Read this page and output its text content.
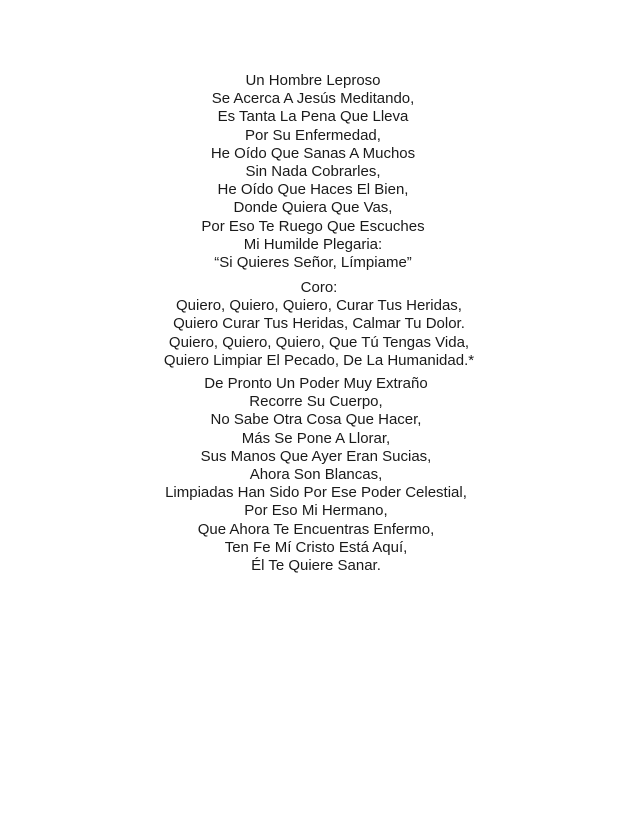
Un Hombre Leproso
Se Acerca A Jesús Meditando,
Es Tanta La Pena Que Lleva
Por Su Enfermedad,
He Oído Que Sanas A Muchos
Sin Nada Cobrarles,
He Oído Que Haces El Bien,
Donde Quiera Que Vas,
Por Eso Te Ruego Que Escuches
Mi Humilde Plegaria:
“Si Quieres Señor, Límpiame”
Coro:
Quiero, Quiero, Quiero, Curar Tus Heridas,
Quiero Curar Tus Heridas, Calmar Tu Dolor.
Quiero, Quiero, Quiero, Que Tú Tengas Vida,
Quiero Limpiar El Pecado, De La Humanidad.*
De Pronto Un Poder Muy Extraño
Recorre Su Cuerpo,
No Sabe Otra Cosa Que Hacer,
Más Se Pone A Llorar,
Sus Manos Que Ayer Eran Sucias,
Ahora Son Blancas,
Limpiadas Han Sido Por Ese Poder Celestial,
Por Eso Mi Hermano,
Que Ahora Te Encuentras Enfermo,
Ten Fe Mí Cristo Está Aquí,
Él Te Quiere Sanar.
